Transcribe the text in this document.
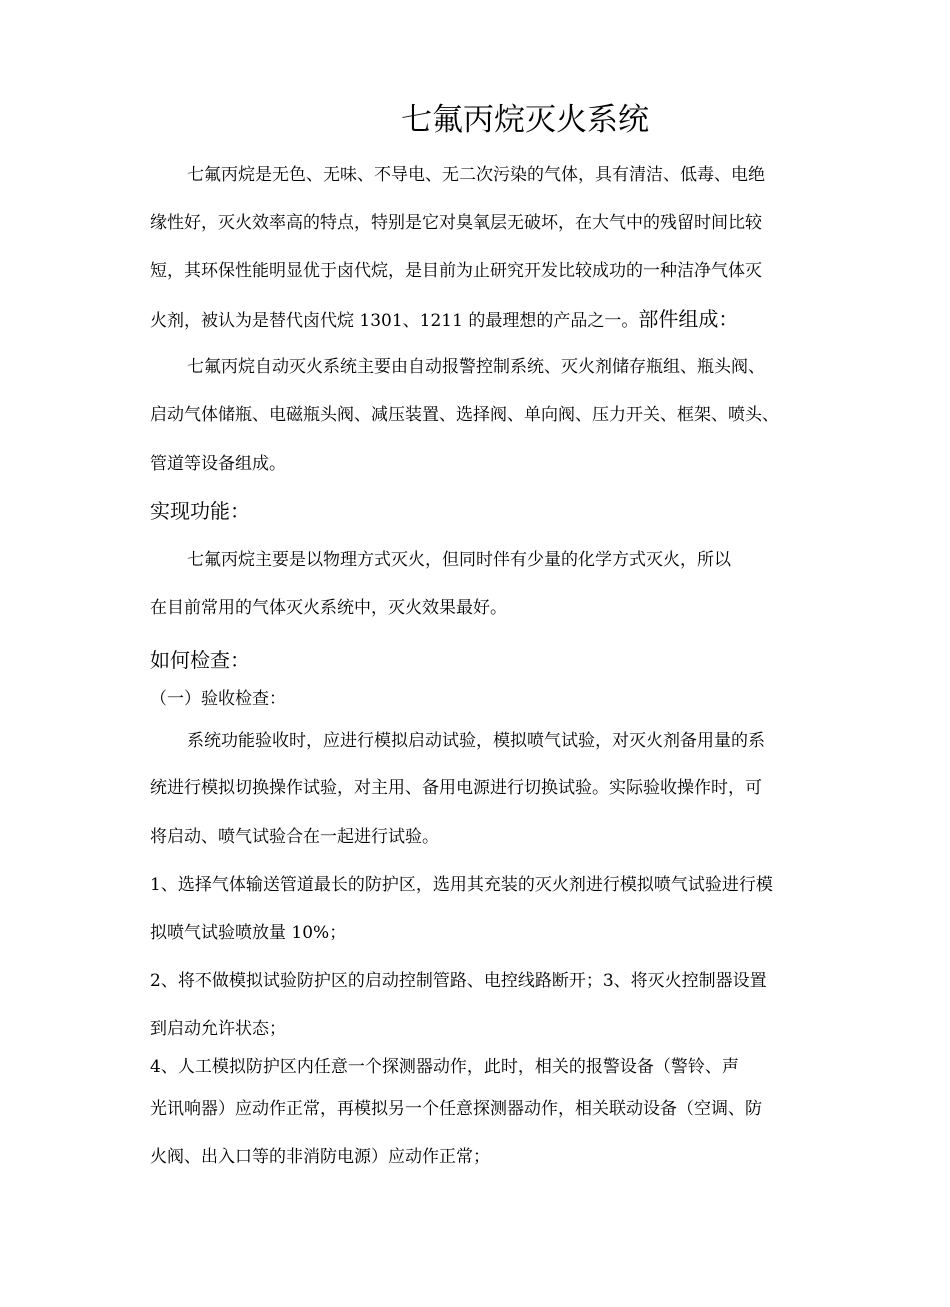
七氟丙烷灭火系统
七氟丙烷是无色、无味、不导电、无二次污染的气体，具有清洁、低毒、电绝
缘性好，灭火效率高的特点，特别是它对臭氧层无破坏，在大气中的残留时间比较
短，其环保性能明显优于卤代烷，是目前为止研究开发比较成功的一种洁净气体灭
火剂，被认为是替代卤代烷 1301、1211 的最理想的产品之一。部件组成：
七氟丙烷自动灭火系统主要由自动报警控制系统、灭火剂储存瓶组、瓶头阀、
启动气体储瓶、电磁瓶头阀、减压装置、选择阀、单向阀、压力开关、框架、喷头、
管道等设备组成。
实现功能：
七氟丙烷主要是以物理方式灭火，但同时伴有少量的化学方式灭火，所以
在目前常用的气体灭火系统中，灭火效果最好。
如何检查：
（一）验收检查：
系统功能验收时，应进行模拟启动试验，模拟喷气试验，对灭火剂备用量的系
统进行模拟切换操作试验，对主用、备用电源进行切换试验。实际验收操作时，可
将启动、喷气试验合在一起进行试验。
1、选择气体输送管道最长的防护区，选用其充装的灭火剂进行模拟喷气试验进行模
拟喷气试验喷放量 10%；
2、将不做模拟试验防护区的启动控制管路、电控线路断开；3、将灭火控制器设置
到启动允许状态；
4、人工模拟防护区内任意一个探测器动作，此时，相关的报警设备（警铃、声
光讯响器）应动作正常，再模拟另一个任意探测器动作，相关联动设备（空调、防
火阀、出入口等的非消防电源）应动作正常；
